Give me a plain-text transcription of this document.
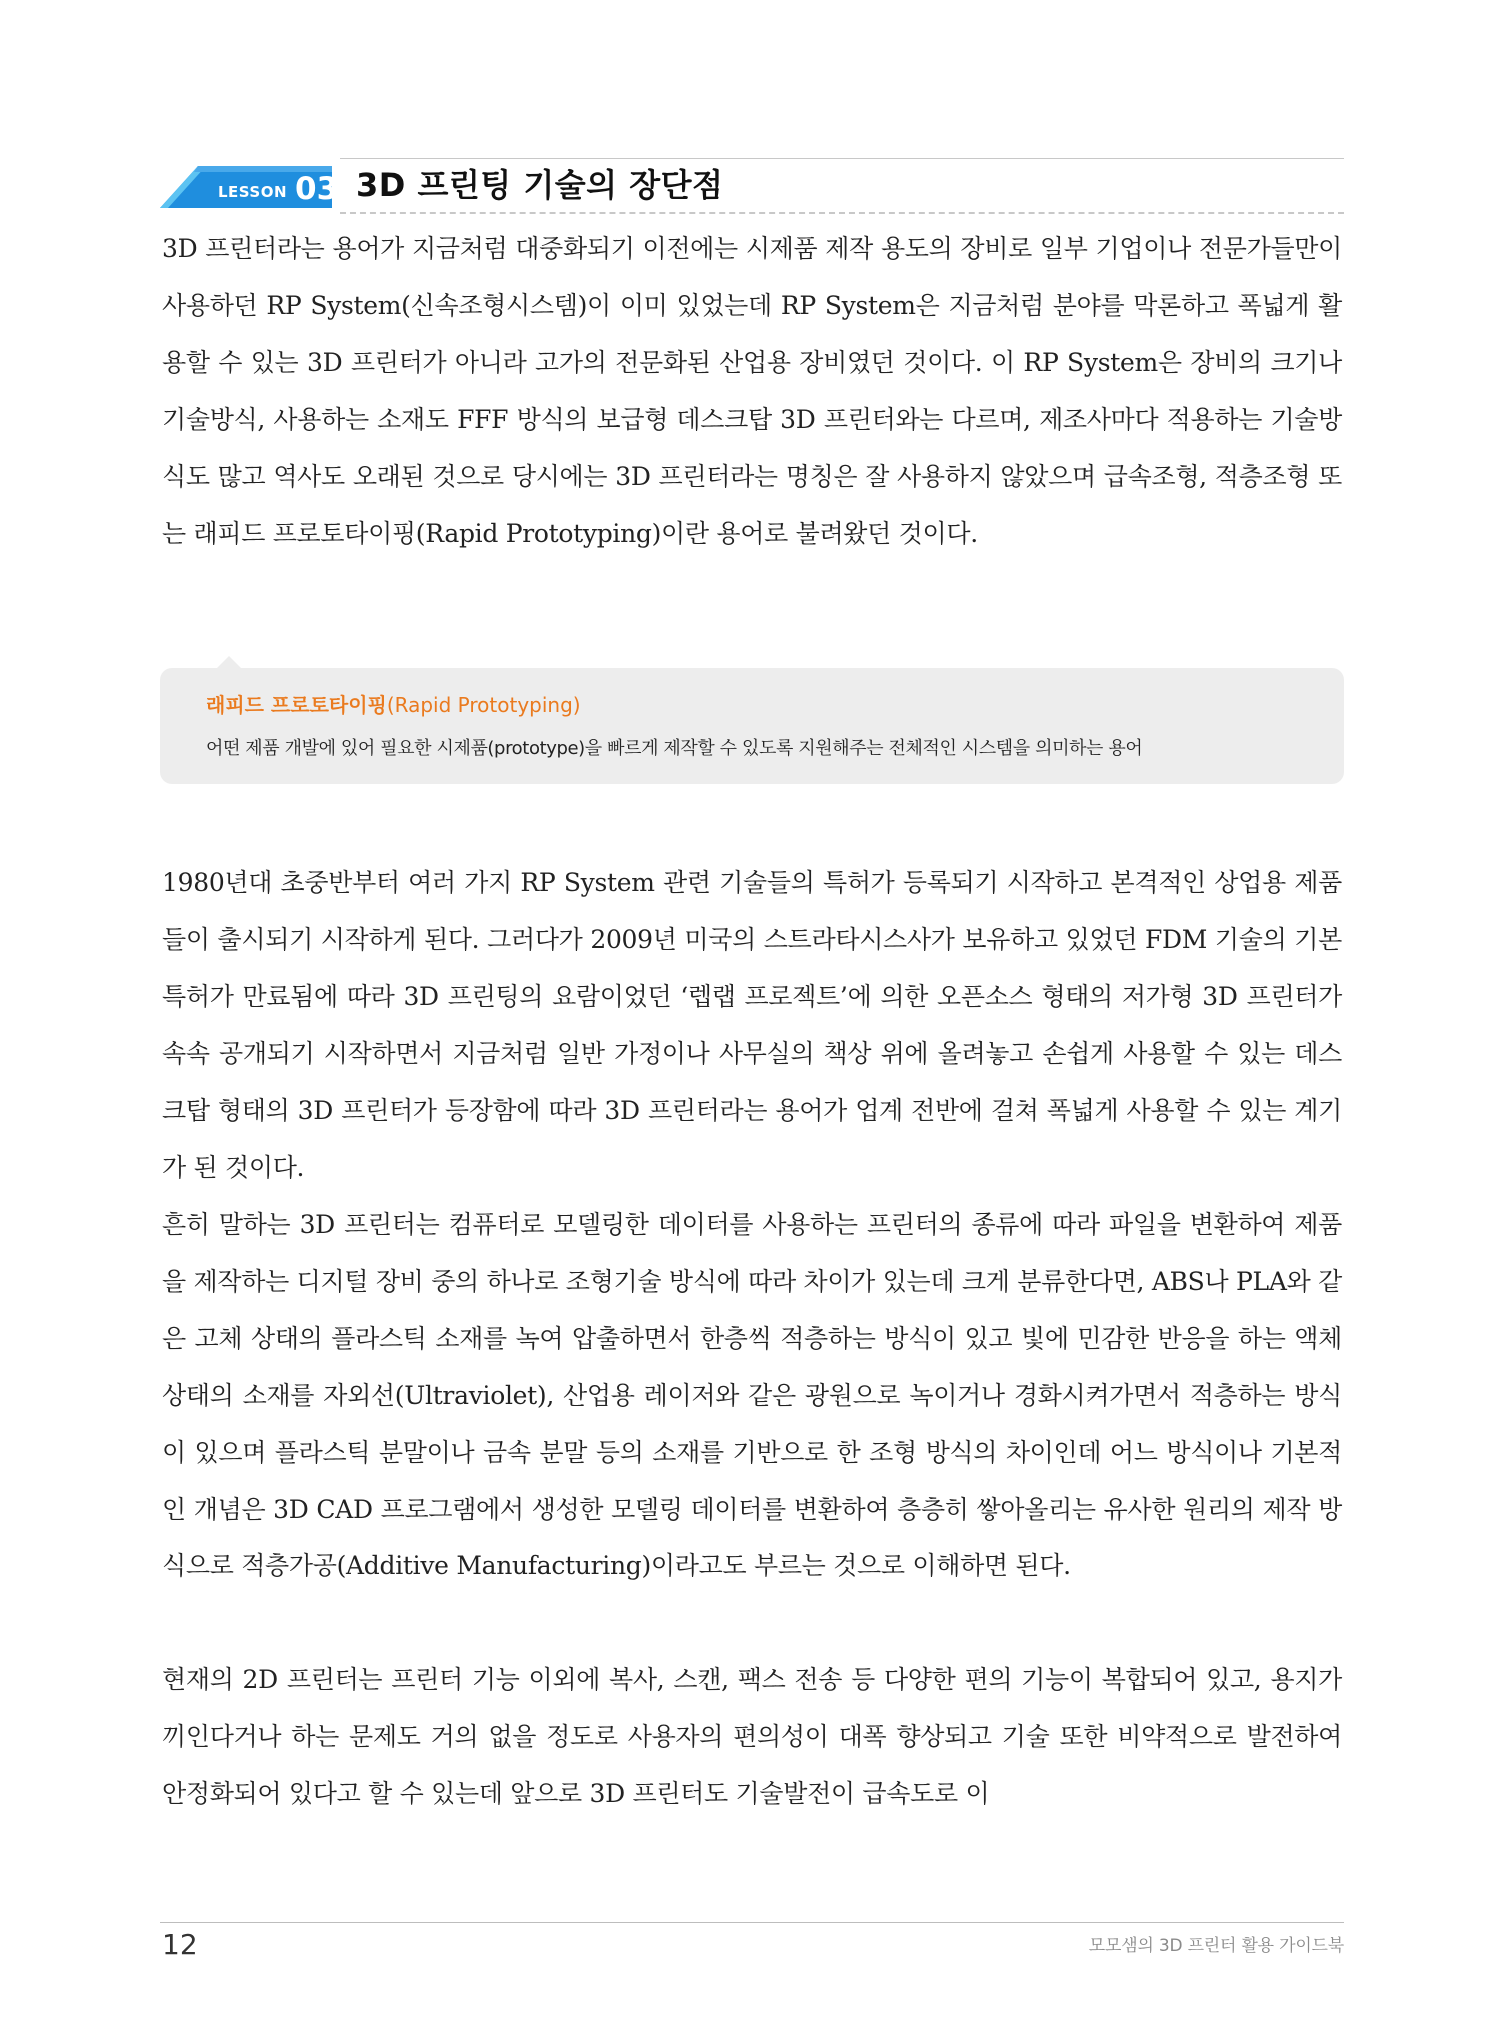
LESSON 03 3D 프린팅 기술의 장단점

3D 프린터라는 용어가 지금처럼 대중화되기 이전에는 시제품 제작 용도의 장비로 일부 기업이나 전문가들만이 사용하던 RP System(신속조형시스템)이 이미 있었는데 RP System은 지금처럼 분야를 막론하고 폭넓게 활용할 수 있는 3D 프린터가 아니라 고가의 전문화된 산업용 장비였던 것이다. 이 RP System은 장비의 크기나 기술방식, 사용하는 소재도 FFF 방식의 보급형 데스크탑 3D 프린터와는 다르며, 제조사마다 적용하는 기술방식도 많고 역사도 오래된 것으로 당시에는 3D 프린터라는 명칭은 잘 사용하지 않았으며 급속조형, 적층조형 또는 래피드 프로토타이핑(Rapid Prototyping)이란 용어로 불려왔던 것이다.

래피드 프로토타이핑(Rapid Prototyping)
어떤 제품 개발에 있어 필요한 시제품(prototype)을 빠르게 제작할 수 있도록 지원해주는 전체적인 시스템을 의미하는 용어

1980년대 초중반부터 여러 가지 RP System 관련 기술들의 특허가 등록되기 시작하고 본격적인 상업용 제품들이 출시되기 시작하게 된다. 그러다가 2009년 미국의 스트라타시스사가 보유하고 있었던 FDM 기술의 기본 특허가 만료됨에 따라 3D 프린팅의 요람이었던 ‘렙랩 프로젝트’에 의한 오픈소스 형태의 저가형 3D 프린터가 속속 공개되기 시작하면서 지금처럼 일반 가정이나 사무실의 책상 위에 올려놓고 손쉽게 사용할 수 있는 데스크탑 형태의 3D 프린터가 등장함에 따라 3D 프린터라는 용어가 업계 전반에 걸쳐 폭넓게 사용할 수 있는 계기가 된 것이다.

흔히 말하는 3D 프린터는 컴퓨터로 모델링한 데이터를 사용하는 프린터의 종류에 따라 파일을 변환하여 제품을 제작하는 디지털 장비 중의 하나로 조형기술 방식에 따라 차이가 있는데 크게 분류한다면, ABS나 PLA와 같은 고체 상태의 플라스틱 소재를 녹여 압출하면서 한층씩 적층하는 방식이 있고 빛에 민감한 반응을 하는 액체 상태의 소재를 자외선(Ultraviolet), 산업용 레이저와 같은 광원으로 녹이거나 경화시켜가면서 적층하는 방식이 있으며 플라스틱 분말이나 금속 분말 등의 소재를 기반으로 한 조형 방식의 차이인데 어느 방식이나 기본적인 개념은 3D CAD 프로그램에서 생성한 모델링 데이터를 변환하여 층층히 쌓아올리는 유사한 원리의 제작 방식으로 적층가공(Additive Manufacturing)이라고도 부르는 것으로 이해하면 된다.

현재의 2D 프린터는 프린터 기능 이외에 복사, 스캔, 팩스 전송 등 다양한 편의 기능이 복합되어 있고, 용지가 끼인다거나 하는 문제도 거의 없을 정도로 사용자의 편의성이 대폭 향상되고 기술 또한 비약적으로 발전하여 안정화되어 있다고 할 수 있는데 앞으로 3D 프린터도 기술발전이 급속도로 이

12	모모샘의 3D 프린터 활용 가이드북
